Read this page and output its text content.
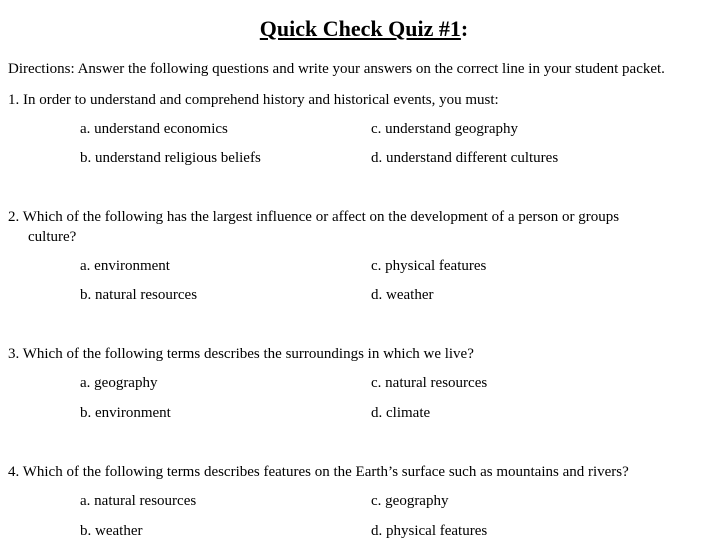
Quick Check Quiz #1:
Directions: Answer the following questions and write your answers on the correct line in your student packet.
1. In order to understand and comprehend history and historical events, you must:
a. understand economics	c. understand geography
b. understand religious beliefs	d. understand different cultures
2. Which of the following has the largest influence or affect on the development of a person or groups
culture?
a. environment	c. physical features
b. natural resources	d. weather
3. Which of the following terms describes the surroundings in which we live?
a. geography	c. natural resources
b. environment	d. climate
4. Which of the following terms describes features on the Earth’s surface such as mountains and rivers?
a. natural resources	c. geography
b. weather	d. physical features
